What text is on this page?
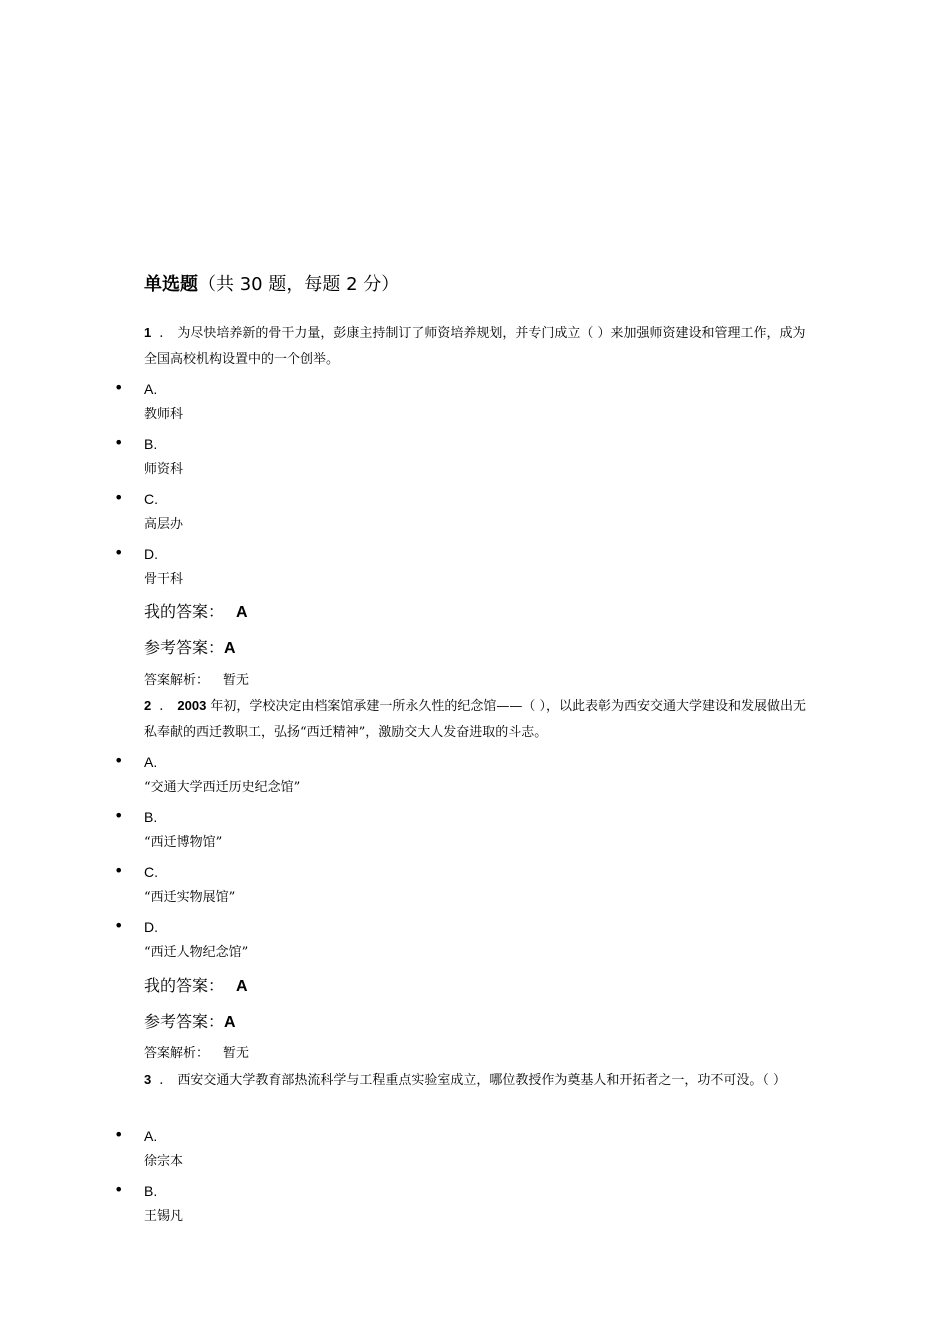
单选题（共 30 题，每题 2 分）
1 . 为尽快培养新的骨干力量，彭康主持制订了师资培养规划，并专门成立（ ）来加强师资建设和管理工作，成为全国高校机构设置中的一个创举。
• A.
教师科
• B.
师资科
• C.
高层办
• D.
骨干科
我的答案： A
参考答案：A
答案解析： 暂无
2 . 2003 年初，学校决定由档案馆承建一所永久性的纪念馆——（ ），以此表彰为西安交通大学建设和发展做出无私奉献的西迁教职工，弘扬“西迁精神”，激励交大人发奋进取的斗志。
• A.
“交通大学西迁历史纪念馆”
• B.
“西迁博物馆”
• C.
“西迁实物展馆”
• D.
“西迁人物纪念馆”
我的答案： A
参考答案：A
答案解析： 暂无
3 . 西安交通大学教育部热流科学与工程重点实验室成立，哪位教授作为奠基人和开拓者之一，功不可没。（ ）
• A.
徐宗本
• B.
王锡凡
